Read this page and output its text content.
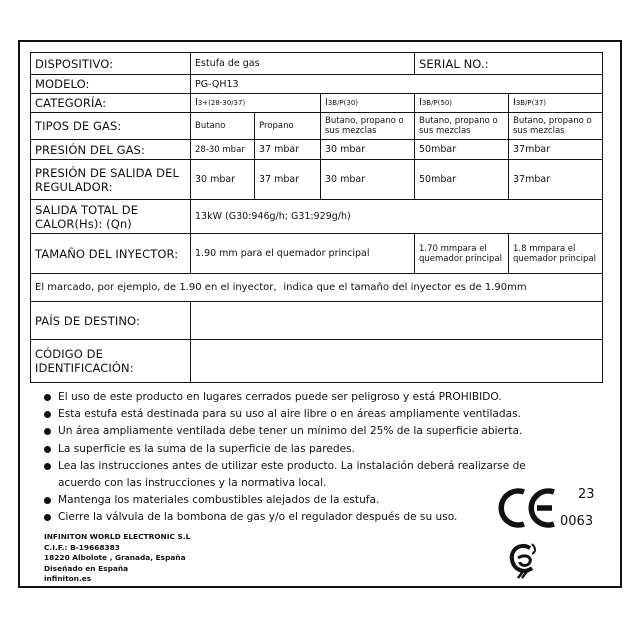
DISPOSITIVO:	Estufa de gas			SERIAL NO.:	
MODELO:	PG-QH13				
CATEGORÍA:	I3+(28-30/37)		I3B/P(30)	I3B/P(50)	I3B/P(37)
TIPOS DE GAS:	Butano	Propano	Butano, propano o sus mezclas	Butano, propano o sus mezclas	Butano, propano o sus mezclas
PRESIÓN DEL GAS:	28-30 mbar	37 mbar	30 mbar	50mbar	37mbar
PRESIÓN DE SALIDA DEL REGULADOR:	30 mbar	37 mbar	30 mbar	50mbar	37mbar
SALIDA TOTAL DE CALOR(Hs): (Qn)	13kW (G30:946g/h; G31:929g/h)				
TAMAÑO DEL INYECTOR:	1.90 mm para el quemador principal			1.70 mmpara el quemador principal	1.8 mmpara el quemador principal
El marcado, por ejemplo, de 1.90 en el inyector，indica que el tamaño del inyector es de 1.90mm					
PAÍS DE DESTINO:					
CÓDIGO DE IDENTIFICACIÓN:					
El uso de este producto en lugares cerrados puede ser peligroso y está PROHIBIDO.
Esta estufa está destinada para su uso al aire libre o en áreas ampliamente ventiladas.
Un área ampliamente ventilada debe tener un mínimo del 25% de la superficie abierta.
La superficie es la suma de la superficie de las paredes.
Lea las instrucciones antes de utilizar este producto. La instalación deberá realizarse de
acuerdo con las instrucciones y la normativa local.
Mantenga los materiales combustibles alejados de la estufa.
Cierre la válvula de la bombona de gas y/o el regulador después de su uso.
INFINITON WORLD ELECTRONIC S.L
C.I.F.: B-19668383
18220 Albolote , Granada, España
Diseñado en España
infiniton.es
23
0063
